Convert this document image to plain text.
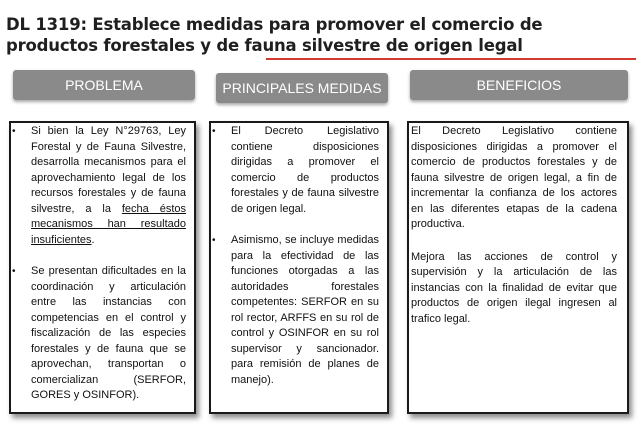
DL 1319: Establece medidas para promover el comercio de productos forestales y de fauna silvestre de origen legal
PROBLEMA	PRINCIPALES MEDIDAS	BENEFICIOS
• Si bien la Ley N°29763, Ley Forestal y de Fauna Silvestre, desarrolla mecanismos para el aprovechamiento legal de los recursos forestales y de fauna silvestre, a la fecha éstos mecanismos han resultado insuficientes.
• Se presentan dificultades en la coordinación y articulación entre las instancias con competencias en el control y fiscalización de las especies forestales y de fauna que se aprovechan, transportan o comercializan (SERFOR, GORES y OSINFOR).
• El Decreto Legislativo contiene disposiciones dirigidas a promover el comercio de productos forestales y de fauna silvestre de origen legal.
• Asimismo, se incluye medidas para la efectividad de las funciones otorgadas a las autoridades forestales competentes: SERFOR en su rol rector, ARFFS en su rol de control y OSINFOR en su rol supervisor y sancionador. para remisión de planes de manejo).

El Decreto Legislativo contiene disposiciones dirigidas a promover el comercio de productos forestales y de fauna silvestre de origen legal, a fin de incrementar la confianza de los actores en las diferentes etapas de la cadena productiva.

Mejora las acciones de control y supervisión y la articulación de las instancias con la finalidad de evitar que productos de origen ilegal ingresen al trafico legal.
